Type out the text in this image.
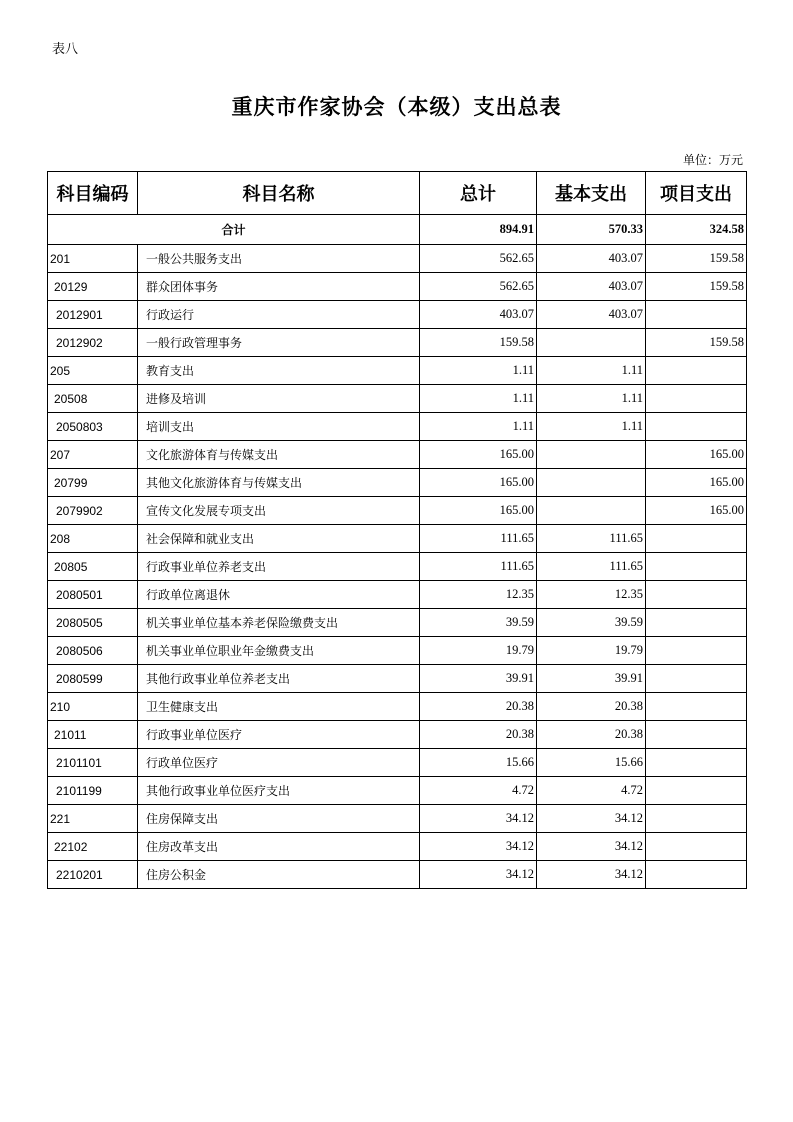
表八
重庆市作家协会（本级）支出总表
单位：万元
科目编码	科目名称	总计	基本支出	项目支出
合计		894.91	570.33	324.58
201	一般公共服务支出	562.65	403.07	159.58
20129	群众团体事务	562.65	403.07	159.58
2012901	行政运行	403.07	403.07	
2012902	一般行政管理事务	159.58		159.58
205	教育支出	1.11	1.11	
20508	进修及培训	1.11	1.11	
2050803	培训支出	1.11	1.11	
207	文化旅游体育与传媒支出	165.00		165.00
20799	其他文化旅游体育与传媒支出	165.00		165.00
2079902	宣传文化发展专项支出	165.00		165.00
208	社会保障和就业支出	111.65	111.65	
20805	行政事业单位养老支出	111.65	111.65	
2080501	行政单位离退休	12.35	12.35	
2080505	机关事业单位基本养老保险缴费支出	39.59	39.59	
2080506	机关事业单位职业年金缴费支出	19.79	19.79	
2080599	其他行政事业单位养老支出	39.91	39.91	
210	卫生健康支出	20.38	20.38	
21011	行政事业单位医疗	20.38	20.38	
2101101	行政单位医疗	15.66	15.66	
2101199	其他行政事业单位医疗支出	4.72	4.72	
221	住房保障支出	34.12	34.12	
22102	住房改革支出	34.12	34.12	
2210201	住房公积金	34.12	34.12	
